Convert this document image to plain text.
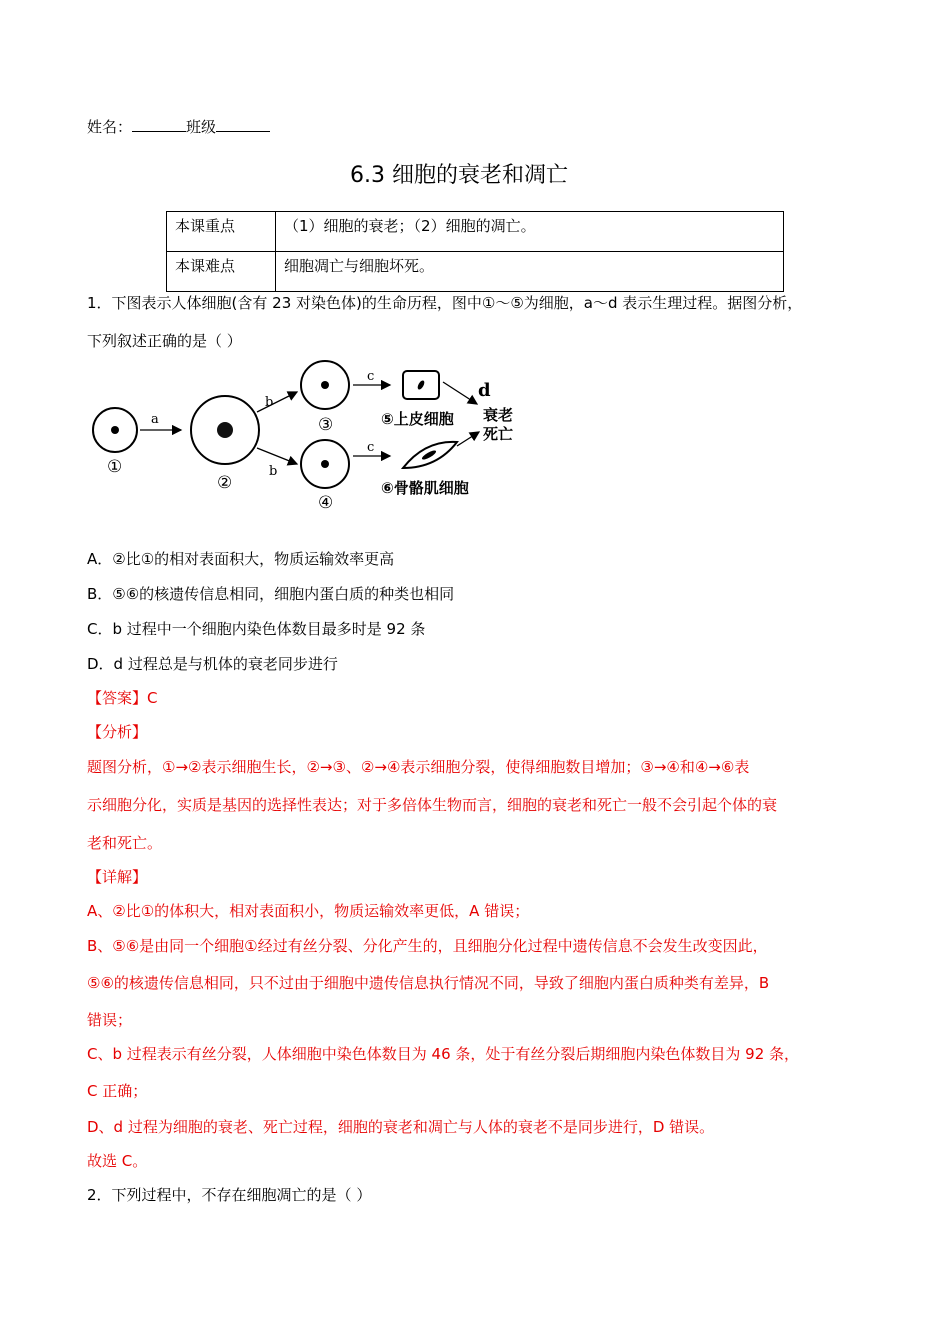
姓名：	班级
6.3 细胞的衰老和凋亡
本课重点	（1）细胞的衰老；（2）细胞的凋亡。
本课难点	细胞凋亡与细胞坏死。
1．下图表示人体细胞(含有 23 对染色体)的生命历程，图中①～⑤为细胞，a～d 表示生理过程。据图分析，
下列叙述正确的是（ ）
①
a
②
b
b
③
④
c
c
⑤上皮细胞
⑥骨骼肌细胞
d
衰老
死亡
A．②比①的相对表面积大，物质运输效率更高
B．⑤⑥的核遗传信息相同，细胞内蛋白质的种类也相同
C．b 过程中一个细胞内染色体数目最多时是 92 条
D．d 过程总是与机体的衰老同步进行
【答案】C
【分析】
题图分析，①→②表示细胞生长，②→③、②→④表示细胞分裂，使得细胞数目增加；③→④和④→⑥表
示细胞分化，实质是基因的选择性表达；对于多倍体生物而言，细胞的衰老和死亡一般不会引起个体的衰
老和死亡。
【详解】
A、②比①的体积大，相对表面积小，物质运输效率更低，A 错误；
B、⑤⑥是由同一个细胞①经过有丝分裂、分化产生的，且细胞分化过程中遗传信息不会发生改变因此，
⑤⑥的核遗传信息相同，只不过由于细胞中遗传信息执行情况不同，导致了细胞内蛋白质种类有差异，B
错误；
C、b 过程表示有丝分裂，人体细胞中染色体数目为 46 条，处于有丝分裂后期细胞内染色体数目为 92 条，
C 正确；
D、d 过程为细胞的衰老、死亡过程，细胞的衰老和凋亡与人体的衰老不是同步进行，D 错误。
故选 C。
2．下列过程中，不存在细胞凋亡的是（ ）
